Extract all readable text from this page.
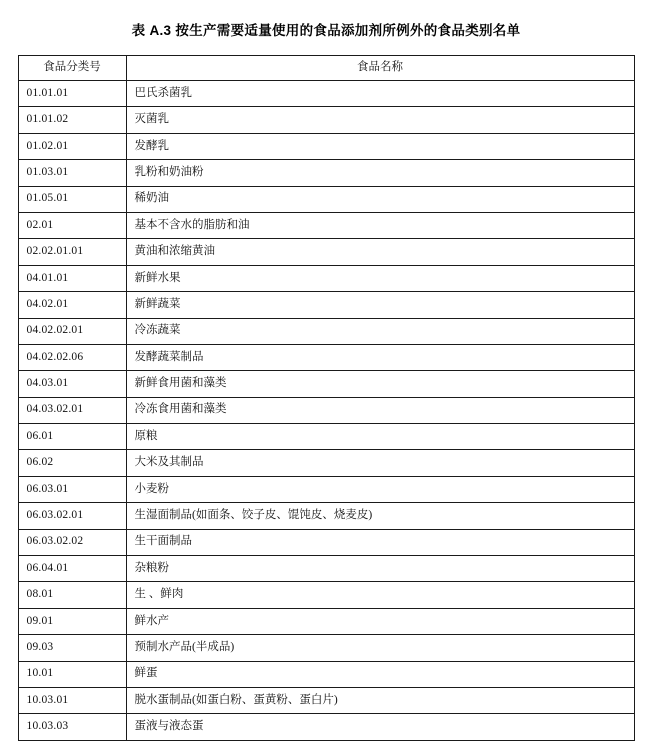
表 A.3 按生产需要适量使用的食品添加剂所例外的食品类别名单
食品分类号	食品名称
01.01.01	巴氏杀菌乳
01.01.02	灭菌乳
01.02.01	发酵乳
01.03.01	乳粉和奶油粉
01.05.01	稀奶油
02.01	基本不含水的脂肪和油
02.02.01.01	黄油和浓缩黄油
04.01.01	新鲜水果
04.02.01	新鲜蔬菜
04.02.02.01	冷冻蔬菜
04.02.02.06	发酵蔬菜制品
04.03.01	新鲜食用菌和藻类
04.03.02.01	冷冻食用菌和藻类
06.01	原粮
06.02	大米及其制品
06.03.01	小麦粉
06.03.02.01	生湿面制品(如面条、饺子皮、馄饨皮、烧麦皮)
06.03.02.02	生干面制品
06.04.01	杂粮粉
08.01	生 、鲜肉
09.01	鲜水产
09.03	预制水产品(半成品)
10.01	鲜蛋
10.03.01	脱水蛋制品(如蛋白粉、蛋黄粉、蛋白片)
10.03.03	蛋液与液态蛋
